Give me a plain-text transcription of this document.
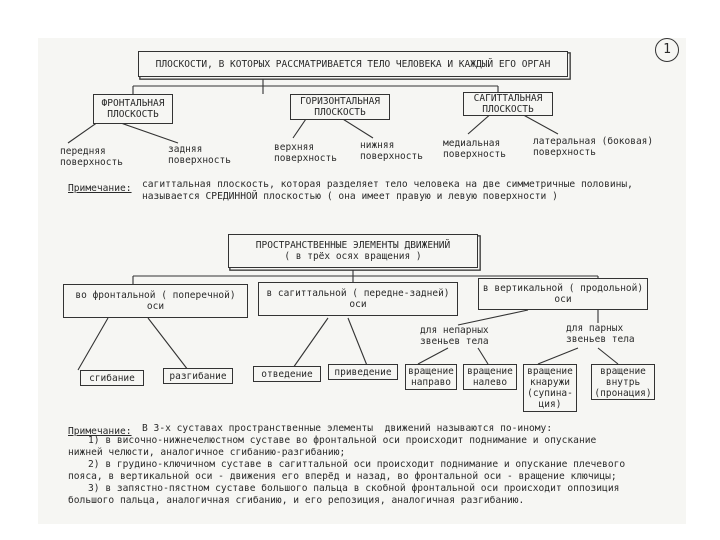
1
ПЛОСКОСТИ, В КОТОРЫХ РАССМАТРИВАЕТСЯ ТЕЛО ЧЕЛОВЕКА И КАЖДЫЙ ЕГО ОРГАН
ФРОНТАЛЬНАЯ
ПЛОСКОСТЬ
ГОРИЗОНТАЛЬНАЯ
ПЛОСКОСТЬ
САГИТТАЛЬНАЯ
ПЛОСКОСТЬ
передняя
поверхность
задняя
поверхность
верхняя
поверхность
нижняя
поверхность
медиальная
поверхность
латеральная (боковая)
поверхность
Примечание: сагиттальная плоскость, которая разделяет тело человека на две симметричные половины,
называется СРЕДИННОЙ плоскостью ( она имеет правую и левую поверхности )
ПРОСТРАНСТВЕННЫЕ ЭЛЕМЕНТЫ ДВИЖЕНИЙ
( в трёх осях вращения )
во фронтальной ( поперечной)
оси
в сагиттальной ( передне-задней)
оси
в вертикальной ( продольной)
оси
для непарных
звеньев тела
для парных
звеньев тела
сгибание	разгибание	отведение приведение вращение
направо
вращение
налево
вращение
кнаружи
(супина-
ция)
вращение
внутрь
(пронация)
Примечание: В 3-х суставах пространственные элементы  движений называются по-иному:
1) в височно-нижнечелюстном суставе во фронтальной оси происходит поднимание и опускание
нижней челюсти, аналогичное сгибанию-разгибанию;
2) в грудино-ключичном суставе в сагиттальной оси происходит поднимание и опускание плечевого
пояса, в вертикальной оси - движения его вперёд и назад, во фронтальной оси - вращение ключицы;
3) в запястно-пястном суставе большого пальца в скобной фронтальной оси происходит оппозиция
большого пальца, аналогичная сгибанию, и его репозиция, аналогичная разгибанию.
